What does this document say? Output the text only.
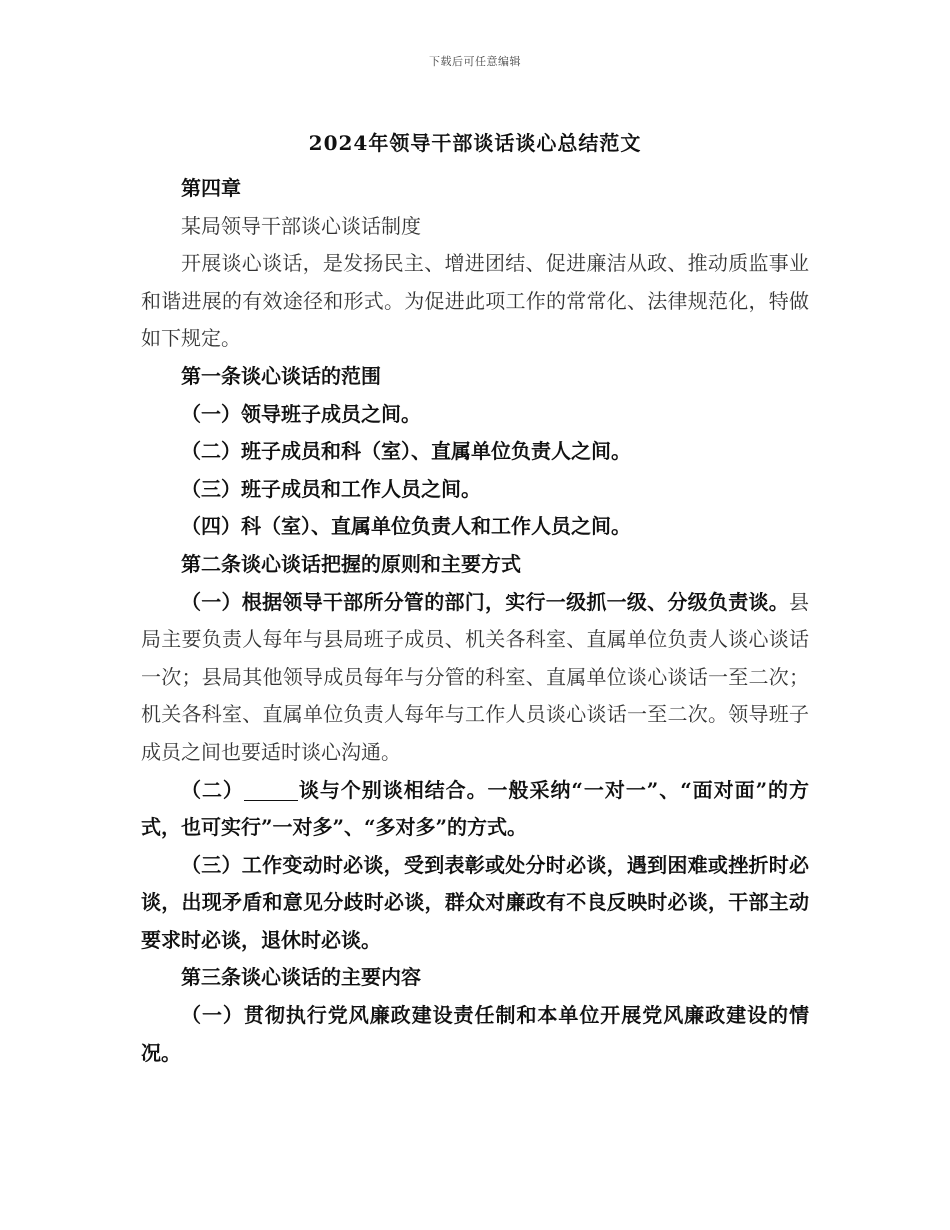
下载后可任意编辑
2024年领导干部谈话谈心总结范文

第四章

某局领导干部谈心谈话制度

开展谈心谈话，是发扬民主、增进团结、促进廉洁从政、推动质监事业和谐进展的有效途径和形式。为促进此项工作的常常化、法律规范化，特做如下规定。

第一条谈心谈话的范围

（一）领导班子成员之间。

（二）班子成员和科（室）、直属单位负责人之间。

（三）班子成员和工作人员之间。

（四）科（室）、直属单位负责人和工作人员之间。

第二条谈心谈话把握的原则和主要方式

（一）根据领导干部所分管的部门，实行一级抓一级、分级负责谈。县局主要负责人每年与县局班子成员、机关各科室、直属单位负责人谈心谈话一次；县局其他领导成员每年与分管的科室、直属单位谈心谈话一至二次；机关各科室、直属单位负责人每年与工作人员谈心谈话一至二次。领导班子成员之间也要适时谈心沟通。

（二）	谈与个别谈相结合。一般采纳“一对一”、“面对面”的方式，也可实行”一对多”、“多对多”的方式。

（三）工作变动时必谈，受到表彰或处分时必谈，遇到困难或挫折时必谈，出现矛盾和意见分歧时必谈，群众对廉政有不良反映时必谈，干部主动要求时必谈，退休时必谈。

第三条谈心谈话的主要内容

（一）贯彻执行党风廉政建设责任制和本单位开展党风廉政建设的情况。
